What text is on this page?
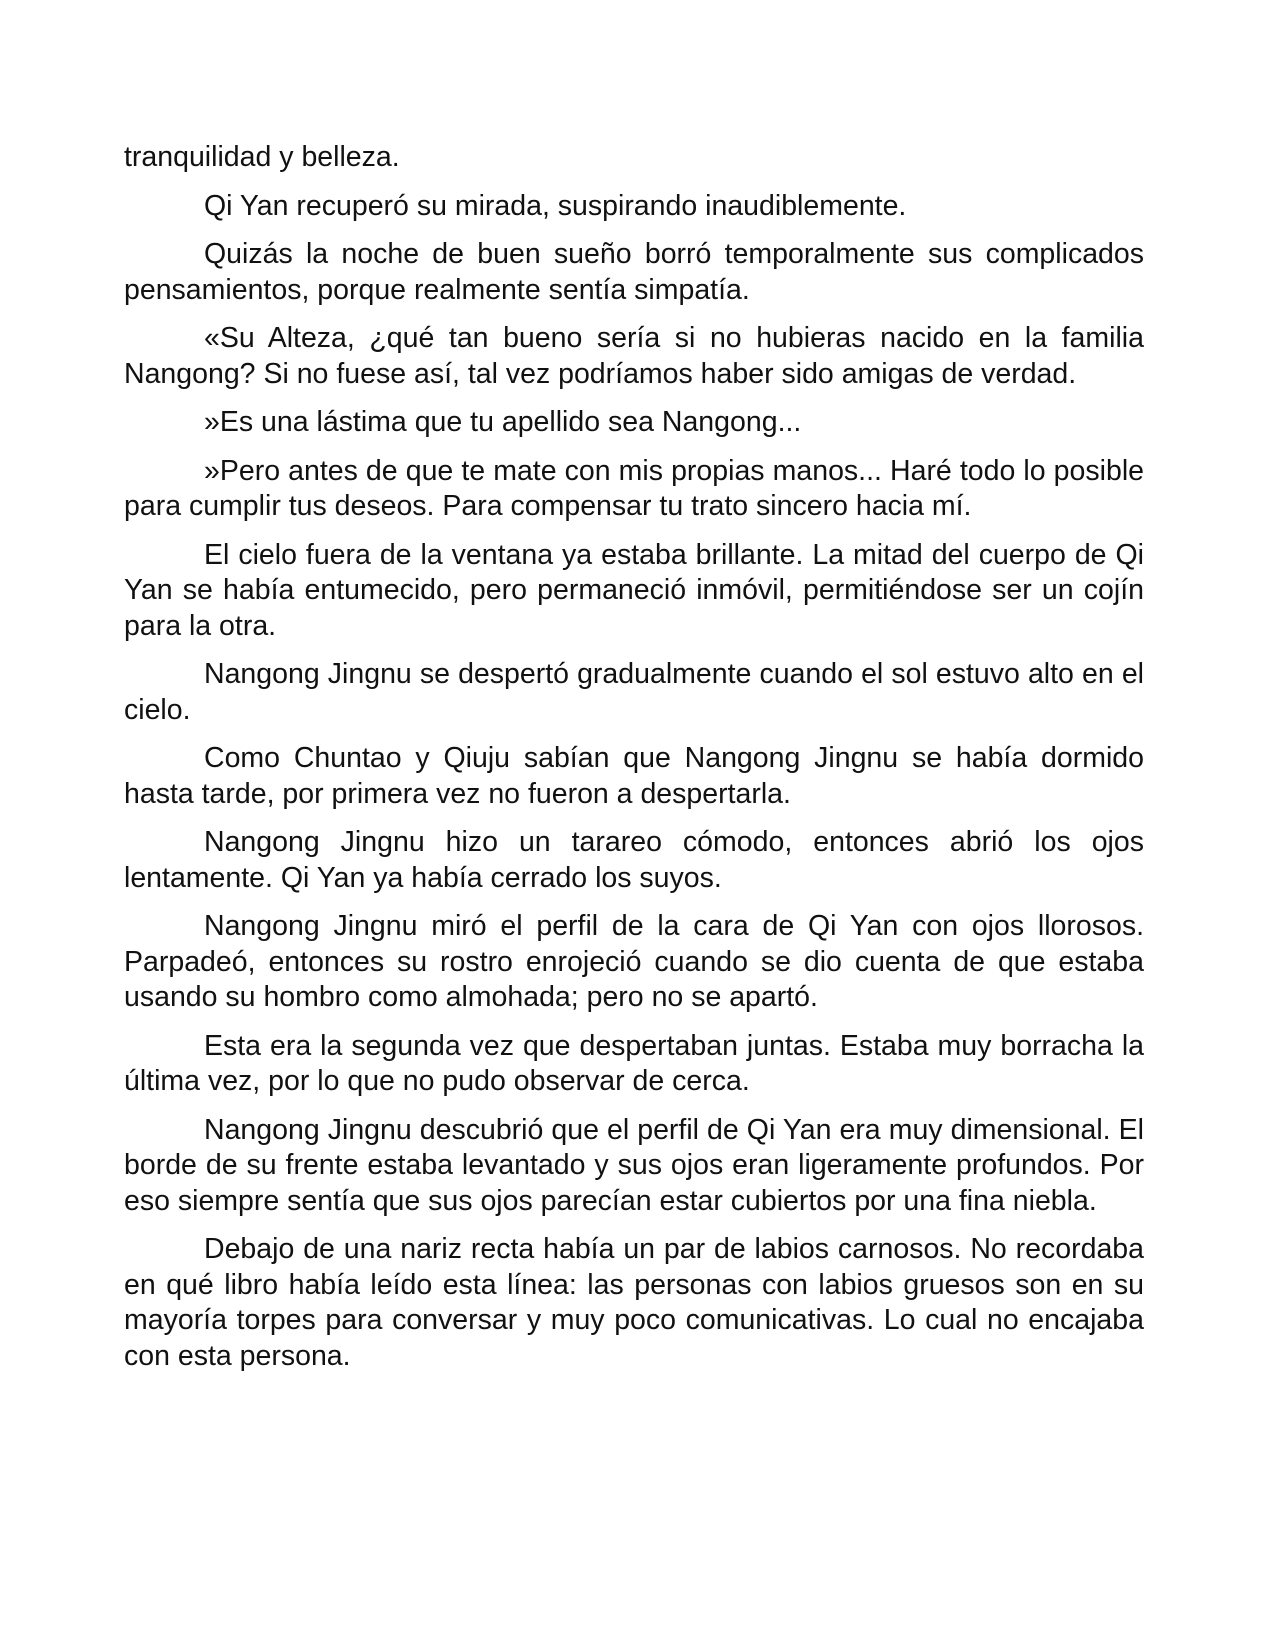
tranquilidad y belleza.

Qi Yan recuperó su mirada, suspirando inaudiblemente.

Quizás la noche de buen sueño borró temporalmente sus complicados pensamientos, porque realmente sentía simpatía.

«Su Alteza, ¿qué tan bueno sería si no hubieras nacido en la familia Nangong? Si no fuese así, tal vez podríamos haber sido amigas de verdad.

»Es una lástima que tu apellido sea Nangong...

»Pero antes de que te mate con mis propias manos... Haré todo lo posible para cumplir tus deseos. Para compensar tu trato sincero hacia mí.

El cielo fuera de la ventana ya estaba brillante. La mitad del cuerpo de Qi Yan se había entumecido, pero permaneció inmóvil, permitiéndose ser un cojín para la otra.

Nangong Jingnu se despertó gradualmente cuando el sol estuvo alto en el cielo.

Como Chuntao y Qiuju sabían que Nangong Jingnu se había dormido hasta tarde, por primera vez no fueron a despertarla.

Nangong Jingnu hizo un tarareo cómodo, entonces abrió los ojos lentamente. Qi Yan ya había cerrado los suyos.

Nangong Jingnu miró el perfil de la cara de Qi Yan con ojos llorosos. Parpadeó, entonces su rostro enrojeció cuando se dio cuenta de que estaba usando su hombro como almohada; pero no se apartó.

Esta era la segunda vez que despertaban juntas. Estaba muy borracha la última vez, por lo que no pudo observar de cerca.

Nangong Jingnu descubrió que el perfil de Qi Yan era muy dimensional. El borde de su frente estaba levantado y sus ojos eran ligeramente profundos. Por eso siempre sentía que sus ojos parecían estar cubiertos por una fina niebla.

Debajo de una nariz recta había un par de labios carnosos. No recordaba en qué libro había leído esta línea: las personas con labios gruesos son en su mayoría torpes para conversar y muy poco comunicativas. Lo cual no encajaba con esta persona.
